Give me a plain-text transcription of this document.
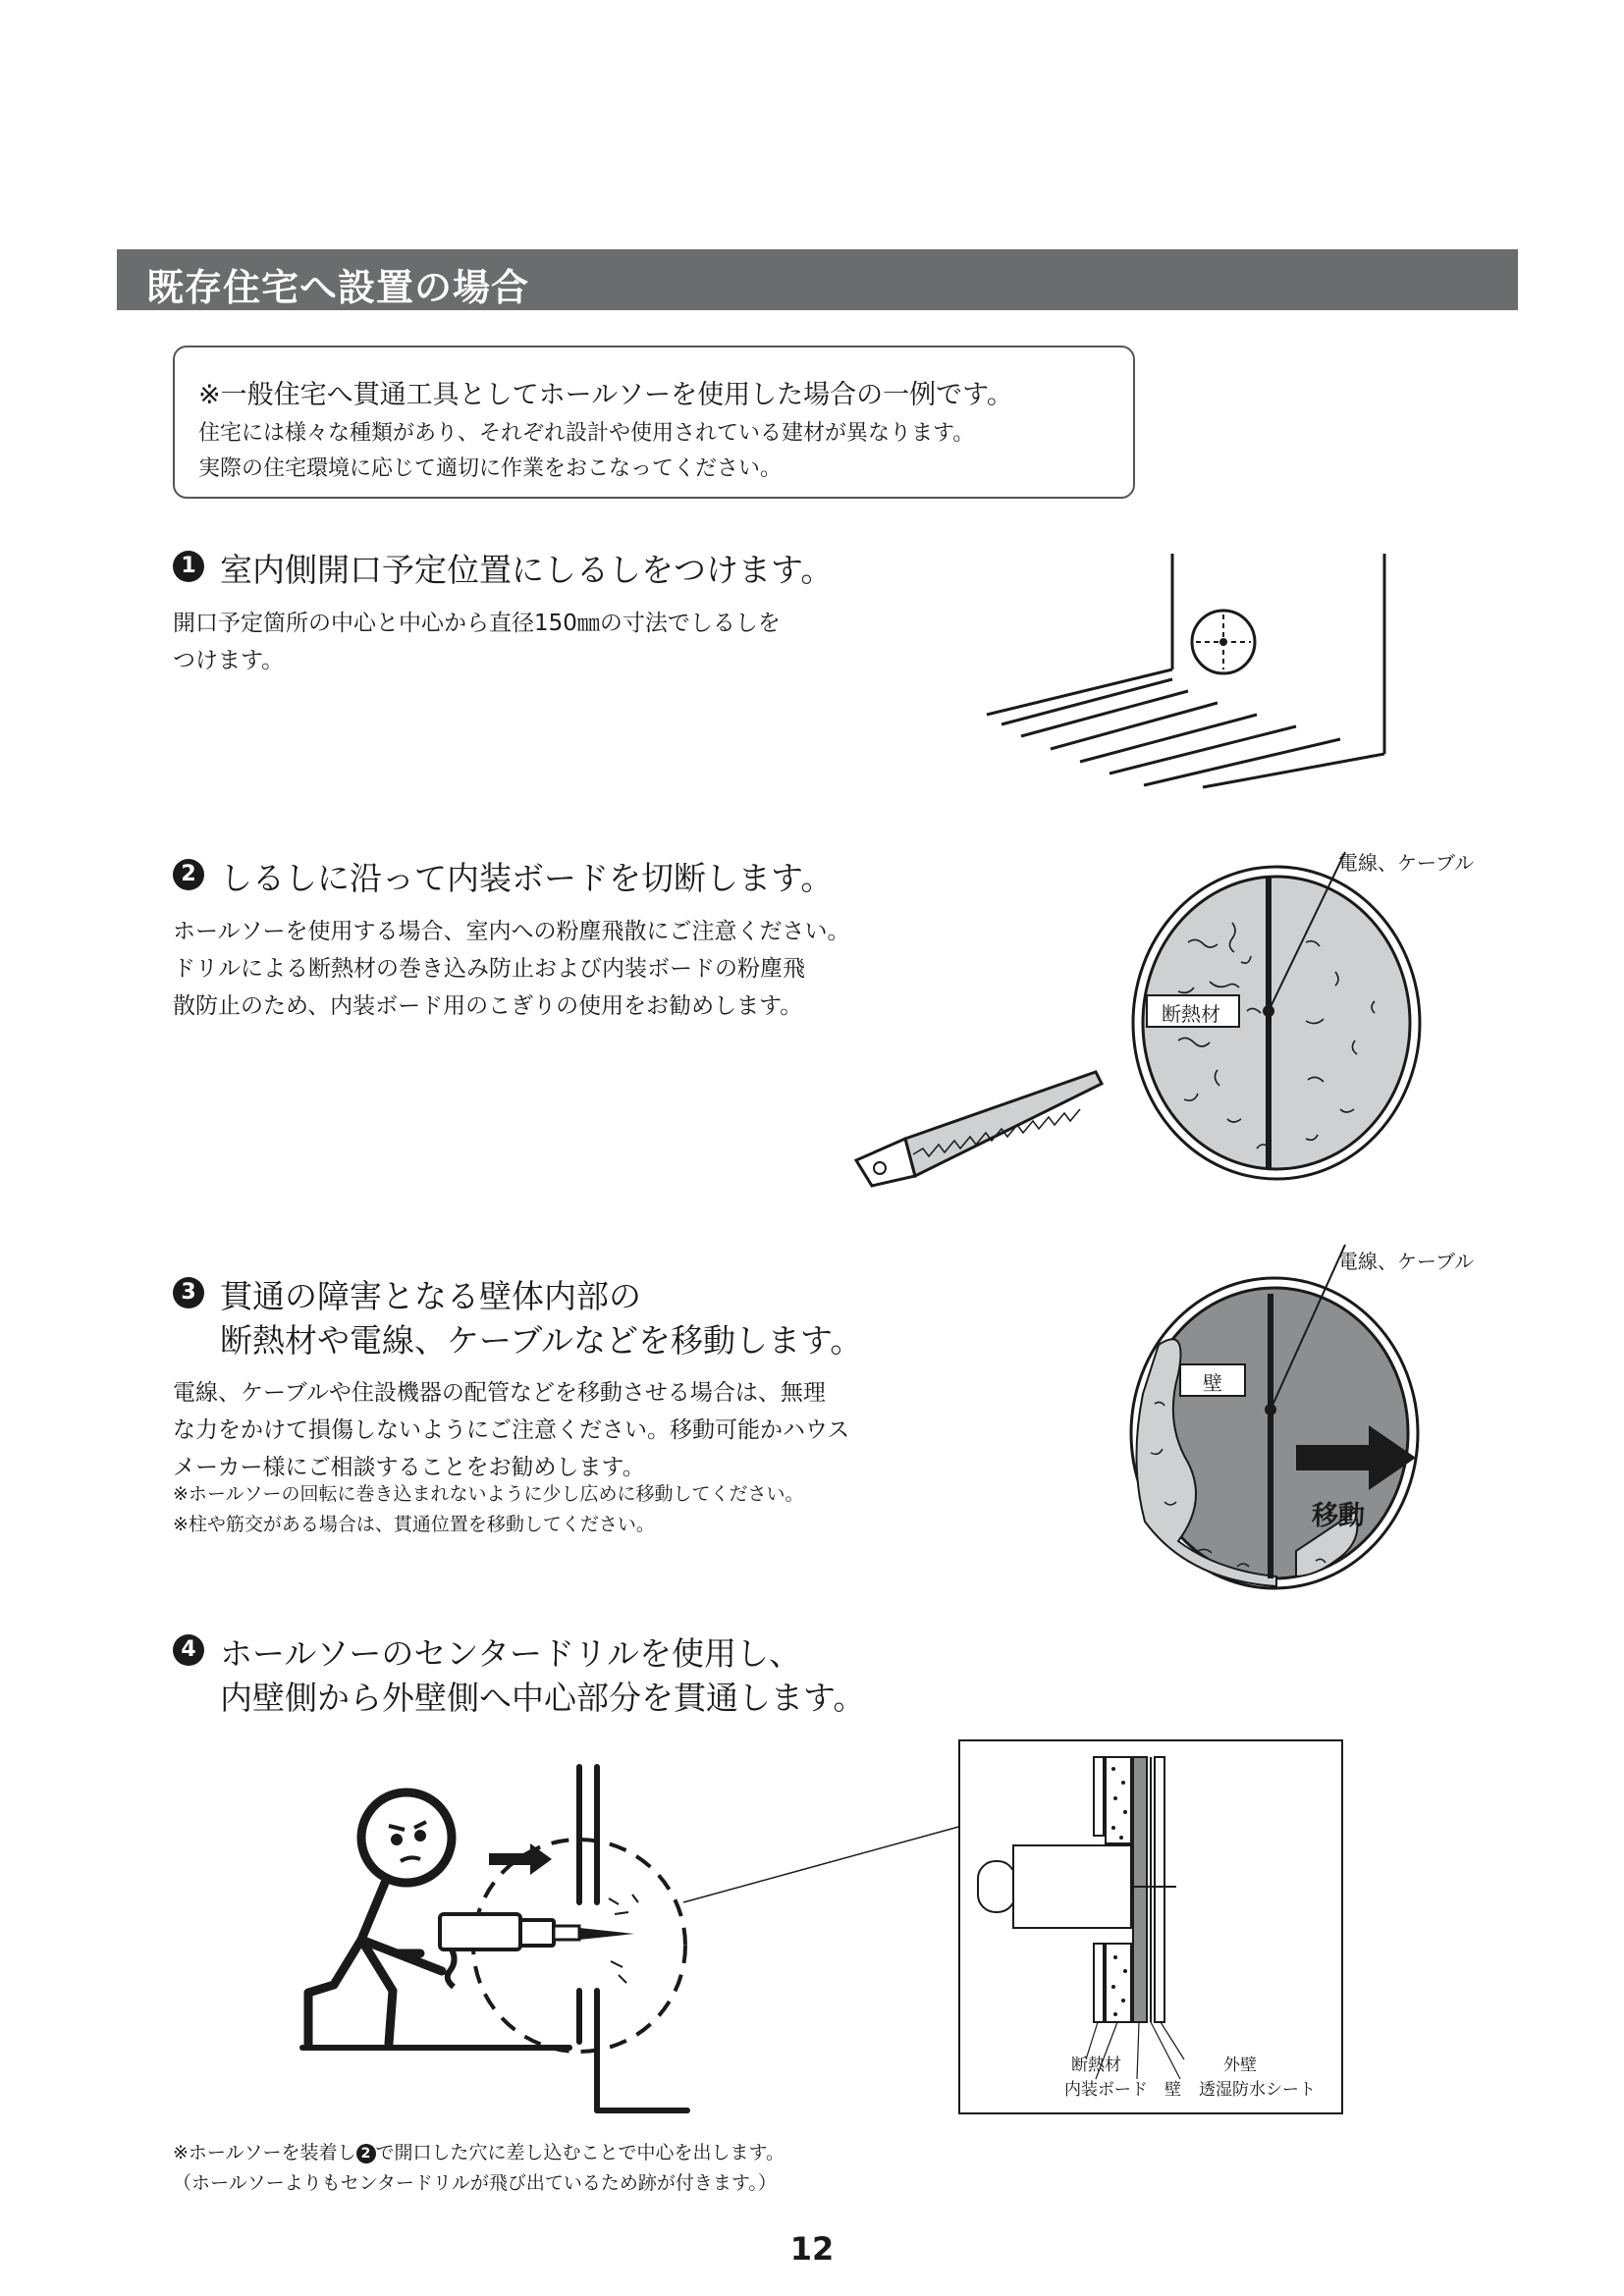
既存住宅へ設置の場合
※一般住宅へ貫通工具としてホールソーを使用した場合の一例です。
住宅には様々な種類があり、それぞれ設計や使用されている建材が異なります。
実際の住宅環境に応じて適切に作業をおこなってください。
1 室内側開口予定位置にしるしをつけます。
開口予定箇所の中心と中心から直径150㎜の寸法でしるしを
つけます。
2 しるしに沿って内装ボードを切断します。
ホールソーを使用する場合、室内への粉塵飛散にご注意ください。
ドリルによる断熱材の巻き込み防止および内装ボードの粉塵飛
散防止のため、内装ボード用のこぎりの使用をお勧めします。
電線、ケーブル
断熱材
3 貫通の障害となる壁体内部の
断熱材や電線、ケーブルなどを移動します。
電線、ケーブルや住設機器の配管などを移動させる場合は、無理
な力をかけて損傷しないようにご注意ください。移動可能かハウス
メーカー様にご相談することをお勧めします。
※ホールソーの回転に巻き込まれないように少し広めに移動してください。
※柱や筋交がある場合は、貫通位置を移動してください。
電線、ケーブル
壁
移動
4 ホールソーのセンタードリルを使用し、
内壁側から外壁側へ中心部分を貫通します。
断熱材	外壁
内装ボード 壁 透湿防水シート
※ホールソーを装着し 2 で開口した穴に差し込むことで中心を出します。
（ホールソーよりもセンタードリルが飛び出ているため跡が付きます。）
12
